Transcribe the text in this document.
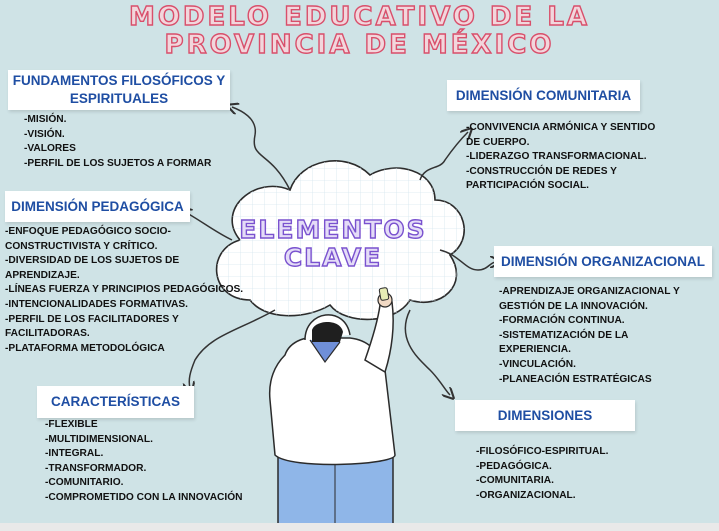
MODELO EDUCATIVO DE LA
PROVINCIA DE MÉXICO
ELEMENTOS
CLAVE
FUNDAMENTOS FILOSÓFICOS Y ESPIRITUALES
-MISIÓN.
-VISIÓN.
-VALORES
-PERFIL DE LOS SUJETOS A FORMAR
DIMENSIÓN COMUNITARIA
-CONVIVENCIA ARMÓNICA Y SENTIDO DE CUERPO.
-LIDERAZGO TRANSFORMACIONAL.
-CONSTRUCCIÓN DE REDES Y PARTICIPACIÓN SOCIAL.
DIMENSIÓN PEDAGÓGICA
-ENFOQUE PEDAGÓGICO SOCIO-CONSTRUCTIVISTA Y CRÍTICO.
-DIVERSIDAD DE LOS SUJETOS DE APRENDIZAJE.
-LÍNEAS FUERZA Y PRINCIPIOS PEDAGÓGICOS.
-INTENCIONALIDADES FORMATIVAS.
-PERFIL DE LOS FACILITADORES Y FACILITADORAS.
-PLATAFORMA METODOLÓGICA
DIMENSIÓN ORGANIZACIONAL
-APRENDIZAJE ORGANIZACIONAL Y GESTIÓN DE LA INNOVACIÓN.
-FORMACIÓN CONTINUA.
-SISTEMATIZACIÓN DE LA EXPERIENCIA.
-VINCULACIÓN.
-PLANEACIÓN ESTRATÉGICAS
CARACTERÍSTICAS
-FLEXIBLE
-MULTIDIMENSIONAL.
-INTEGRAL.
-TRANSFORMADOR.
-COMUNITARIO.
-COMPROMETIDO CON LA INNOVACIÓN
DIMENSIONES
-FILOSÓFICO-ESPIRITUAL.
-PEDAGÓGICA.
-COMUNITARIA.
-ORGANIZACIONAL.
